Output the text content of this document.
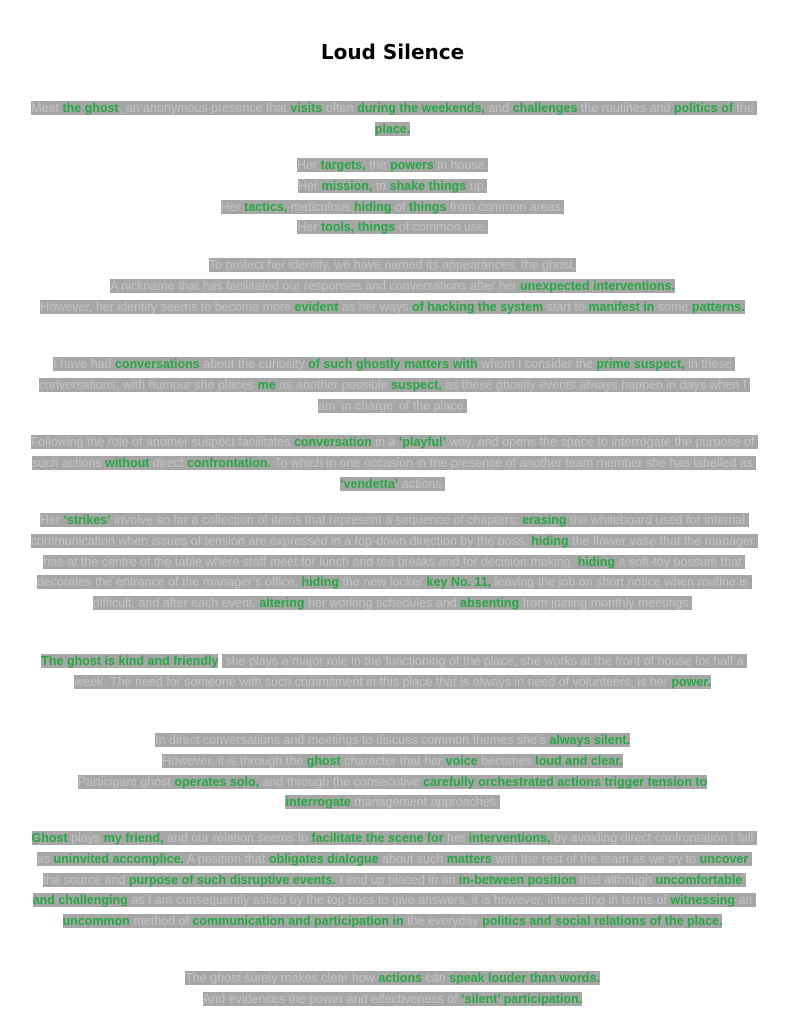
Loud Silence

Meet the ghost, an anonymous presence that visits often during the weekends, and challenges the routines and politics of the place.

Her targets, the powers in house.
Her mission, to shake things up.
Her tactics, meticulous hiding of things from common areas.
Her tools, things of common use.

To protect her identity, we have named its appearances, the ghost.
A nickname that has facilitated our responses and conversations after her unexpected interventions.
However, her identity seems to become more evident as her ways of hacking the system start to manifest in some patterns.

I have had conversations about the curiosity of such ghostly matters with whom I consider the prime suspect, in these conversations, with humour she places me as another possible suspect, as these ghostly events always happen in days when I am ‘in charge’ of the place.

Following the role of another suspect facilitates conversation in a ‘playful’ way, and opens the space to interrogate the purpose of such actions without direct confrontation. To which in one occasion in the presence of another team member she has labelled as ‘vendetta’ actions.

Her ‘strikes’ involve so far a collection of items that represent a sequence of chapters: erasing the whiteboard used for internal communication when issues of tension are expressed in a top-down direction by the boss, hiding the flower vase that the manager has at the centre of the table where staff meet for lunch and tea breaks and for decision making, hiding a soft-toy possum that decorates the entrance of the manager’s office, hiding the new locker key No. 11, leaving the job on short notice when routine is difficult, and after each event, altering her working schedules and absenting from joining monthly meetings.

The ghost is kind and friendly  she plays a major role in the functioning of the place, she works at the front of house for half a week. The need for someone with such commitment in this place that is always in need of volunteers, is her power.

In direct conversations and meetings to discuss common themes she’s always silent.
However, it is through the ghost character that her voice becomes loud and clear.
Participant ghost operates solo, and through the consecutive carefully orchestrated actions trigger tension to
interrogate management approaches.

Ghost plays my friend, and our relation seems to facilitate the scene for her interventions, by avoiding direct confrontation I fall as uninvited accomplice. A position that obligates dialogue about such matters with the rest of the team as we try to uncover the source and purpose of such disruptive events. I end up placed in an in-between position that although uncomfortable and challenging as I am consequently asked by the top boss to give answers, it is however, interesting in terms of witnessing an uncommon method of communication and participation in the everyday politics and social relations of the place.

The ghost surely makes clear how actions can speak louder than words.
And evidences the power and effectiveness of ‘silent’ participation.
